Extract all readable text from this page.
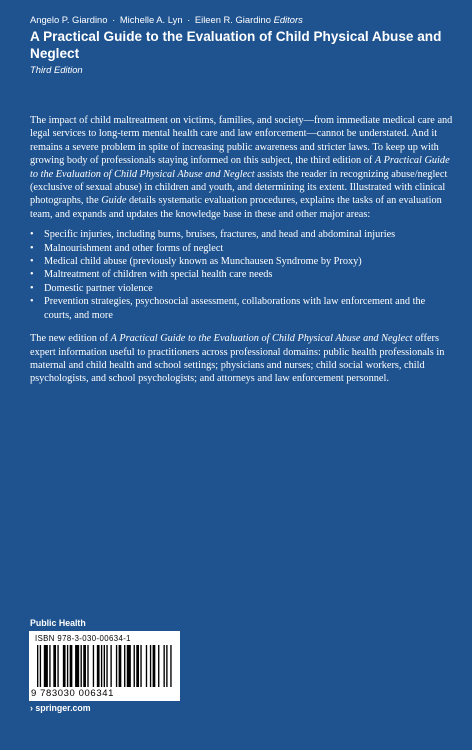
Angelo P. Giardino · Michelle A. Lyn · Eileen R. Giardino Editors
A Practical Guide to the Evaluation of Child Physical Abuse and Neglect
Third Edition

The impact of child maltreatment on victims, families, and society—from immediate medical care and legal services to long-term mental health care and law enforcement—cannot be understated. And it remains a severe problem in spite of increasing public awareness and stricter laws. To keep up with growing body of professionals staying informed on this subject, the third edition of A Practical Guide to the Evaluation of Child Physical Abuse and Neglect assists the reader in recognizing abuse/neglect (exclusive of sexual abuse) in children and youth, and determining its extent. Illustrated with clinical photographs, the Guide details systematic evaluation procedures, explains the tasks of an evaluation team, and expands and updates the knowledge base in these and other major areas:

• Specific injuries, including burns, bruises, fractures, and head and abdominal injuries
• Malnourishment and other forms of neglect
• Medical child abuse (previously known as Munchausen Syndrome by Proxy)
• Maltreatment of children with special health care needs
• Domestic partner violence
• Prevention strategies, psychosocial assessment, collaborations with law enforcement and the courts, and more

The new edition of A Practical Guide to the Evaluation of Child Physical Abuse and Neglect offers expert information useful to practitioners across professional domains: public health professionals in maternal and child health and school settings; physicians and nurses; child social workers, child psychologists, and school psychologists; and attorneys and law enforcement personnel.

Public Health
ISBN 978-3-030-00634-1
9 783030 006341
› springer.com
